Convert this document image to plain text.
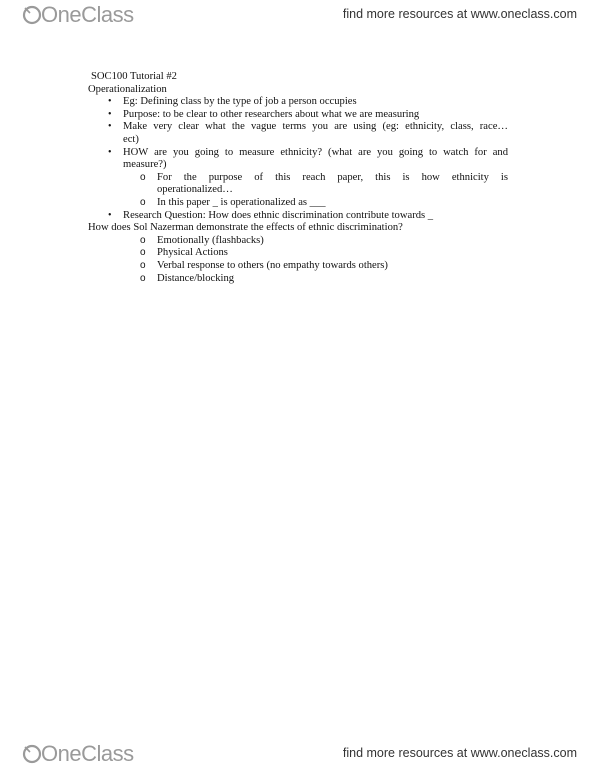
OneClass	find more resources at www.oneclass.com
SOC100 Tutorial #2
Operationalization
• Eg: Defining class by the type of job a person occupies
• Purpose: to be clear to other researchers about what we are measuring
• Make very clear what the vague terms you are using (eg: ethnicity, class, race…
ect)
• HOW are you going to measure ethnicity? (what are you going to watch for and
measure?)
o For the purpose of this reach paper, this is how ethnicity is
operationalized…
o In this paper _ is operationalized as ___
• Research Question: How does ethnic discrimination contribute towards _
How does Sol Nazerman demonstrate the effects of ethnic discrimination?
o Emotionally (flashbacks)
o Physical Actions
o Verbal response to others (no empathy towards others)
o Distance/blocking
OneClass	find more resources at www.oneclass.com
